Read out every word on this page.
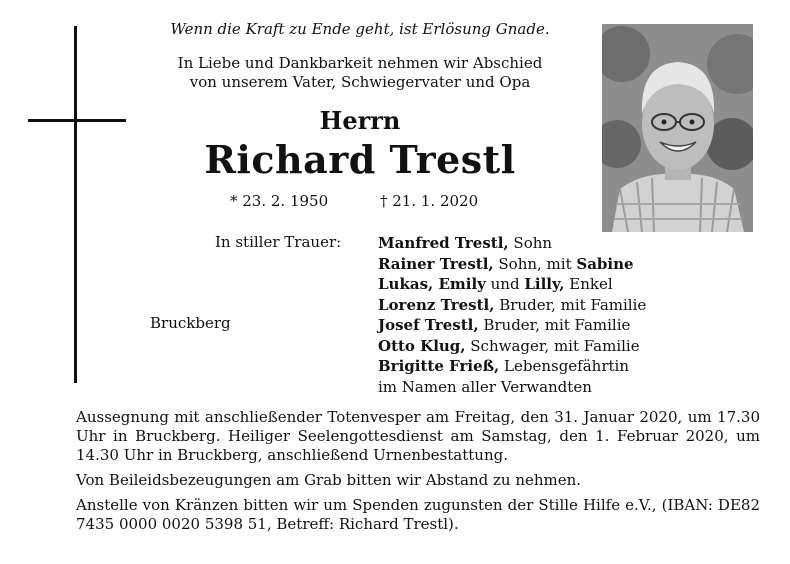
Wenn die Kraft zu Ende geht, ist Erlösung Gnade.
In Liebe und Dankbarkeit nehmen wir Abschied
von unserem Vater, Schwiegervater und Opa
Herrn
Richard Trestl
* 23. 2. 1950	† 21. 1. 2020
In stiller Trauer:
Bruckberg
Manfred Trestl, Sohn
Rainer Trestl, Sohn, mit Sabine
Lukas, Emily und Lilly, Enkel
Lorenz Trestl, Bruder, mit Familie
Josef Trestl, Bruder, mit Familie
Otto Klug, Schwager, mit Familie
Brigitte Frieß, Lebensgefährtin
im Namen aller Verwandten

Aussegnung mit anschließender Totenvesper am Freitag, den 31. Januar 2020, um 17.30 Uhr in Bruckberg. Heiliger Seelengottesdienst am Samstag, den 1. Februar 2020, um 14.30 Uhr in Bruckberg, anschließend Urnenbestattung.

Von Beileidsbezeugungen am Grab bitten wir Abstand zu nehmen.

Anstelle von Kränzen bitten wir um Spenden zugunsten der Stille Hilfe e.V., (IBAN: DE82 7435 0000 0020 5398 51, Betreff: Richard Trestl).
